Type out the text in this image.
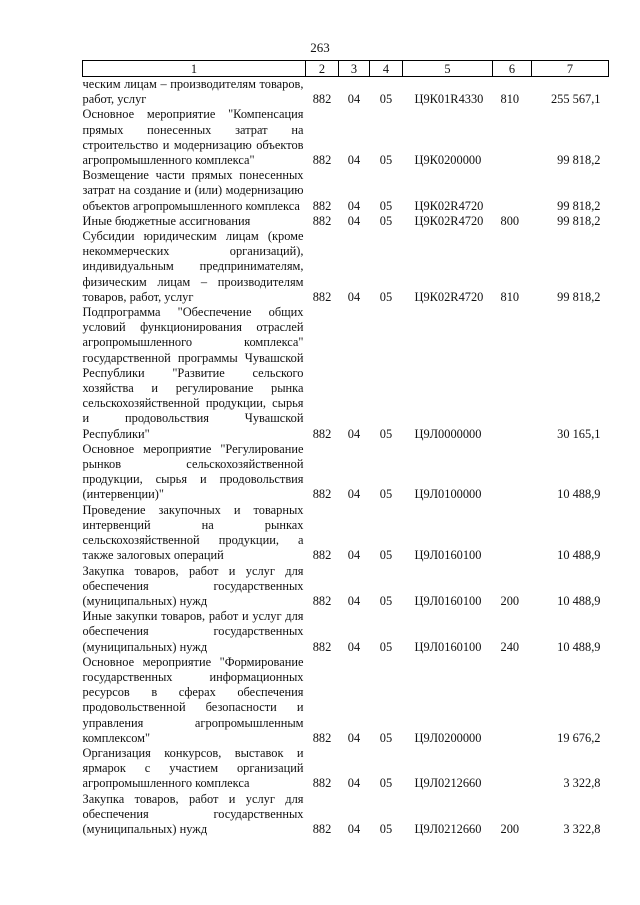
263
1	2	3	4	5	6	7
ческим лицам – производителям товаров, работ, услуг	882	04	05	Ц9К01R4330	810	255 567,1
Основное мероприятие "Компенсация прямых понесенных затрат на строительство и модернизацию объектов агропромышленного комплекса"	882	04	05	Ц9К0200000		99 818,2
Возмещение части прямых понесенных затрат на создание и (или) модернизацию объектов агропромышленного комплекса	882	04	05	Ц9К02R4720		99 818,2
Иные бюджетные ассигнования	882	04	05	Ц9К02R4720	800	99 818,2
Субсидии юридическим лицам (кроме некоммерческих организаций), индивидуальным предпринимателям, физическим лицам – производителям товаров, работ, услуг	882	04	05	Ц9К02R4720	810	99 818,2
Подпрограмма "Обеспечение общих условий функционирования отраслей агропромышленного комплекса" государственной программы Чувашской Республики "Развитие сельского хозяйства и регулирование рынка сельскохозяйственной продукции, сырья и продовольствия Чувашской Республики"	882	04	05	Ц9Л0000000		30 165,1
Основное мероприятие "Регулирование рынков сельскохозяйственной продукции, сырья и продовольствия (интервенции)"	882	04	05	Ц9Л0100000		10 488,9
Проведение закупочных и товарных интервенций на рынках сельскохозяйственной продукции, а также залоговых операций	882	04	05	Ц9Л0160100		10 488,9
Закупка товаров, работ и услуг для обеспечения государственных (муниципальных) нужд	882	04	05	Ц9Л0160100	200	10 488,9
Иные закупки товаров, работ и услуг для обеспечения государственных (муниципальных) нужд	882	04	05	Ц9Л0160100	240	10 488,9
Основное мероприятие "Формирование государственных информационных ресурсов в сферах обеспечения продовольственной безопасности и управления агропромышленным комплексом"	882	04	05	Ц9Л0200000		19 676,2
Организация конкурсов, выставок и ярмарок с участием организаций агропромышленного комплекса	882	04	05	Ц9Л0212660		3 322,8
Закупка товаров, работ и услуг для обеспечения государственных (муниципальных) нужд	882	04	05	Ц9Л0212660	200	3 322,8
